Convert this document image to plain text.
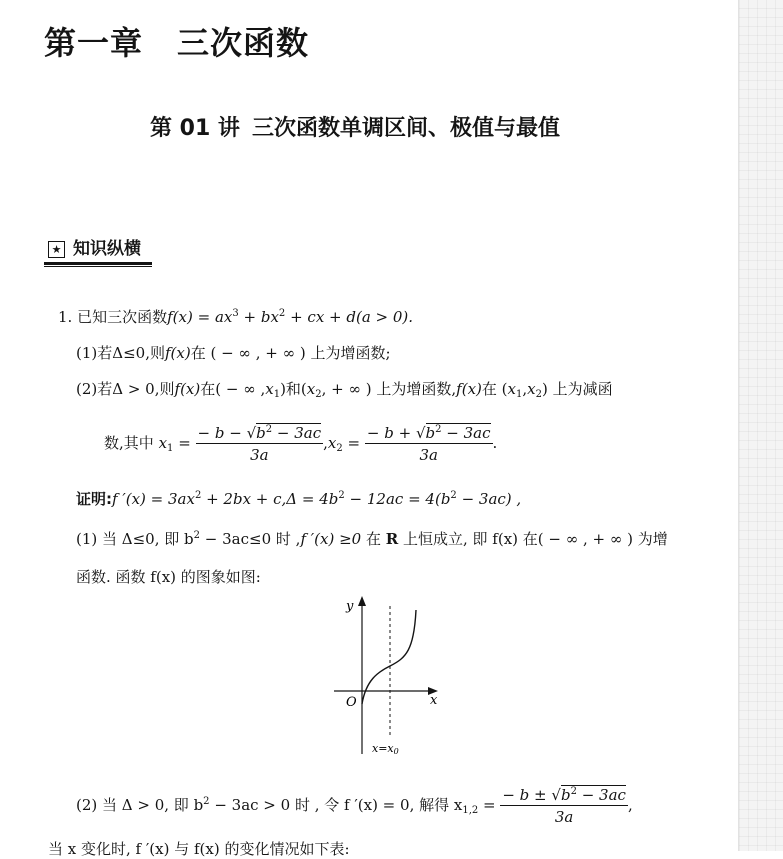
第一章 三次函数
第 01 讲 三次函数单调区间、极值与最值
★ 知识纵横
1. 已知三次函数$f(x) = ax^3 + bx^2$ + cx + d(a > 0).
(1)若Δ≤0,则f(x)在 ( − ∞ , + ∞ ) 上为增函数;
(2)若Δ > 0,则f(x)在( − ∞ $,x_1$)和($x_2$, + ∞ ) 上为增函数,f(x)在 $(x_1,x_2)$ 上为减函
数,其中 $x_1 = \frac{- b - √b^2 - 3ac}{3a} ,x_2 = \frac{- b + √b^2 - 3ac}{3a}$ .
证明:f $'(x) = 3ax^2 + 2bx + c,\Delta = 4b^2 - 12ac = 4(b^2 - 3ac)$ ,
(1) 当 Δ≤0, 即 $b^2 - 3ac\le 0$ 时 ,f ′(x) ≥0 在 R 上恒成立, 即 f(x) 在( − ∞ , + ∞ ) 为增
函数. 函数 f(x) 的图象如图:
y
x
O
x=x0
(2) 当 Δ > 0, 即 $b^2 - 3ac > 0$ 时 , 令 f ′(x) = 0, 解得 $x_{1,2} = \frac{- b \pm √b^2 - 3ac}{3a}$ ,
当 x 变化时, f ′(x) 与 f(x) 的变化情况如下表:
